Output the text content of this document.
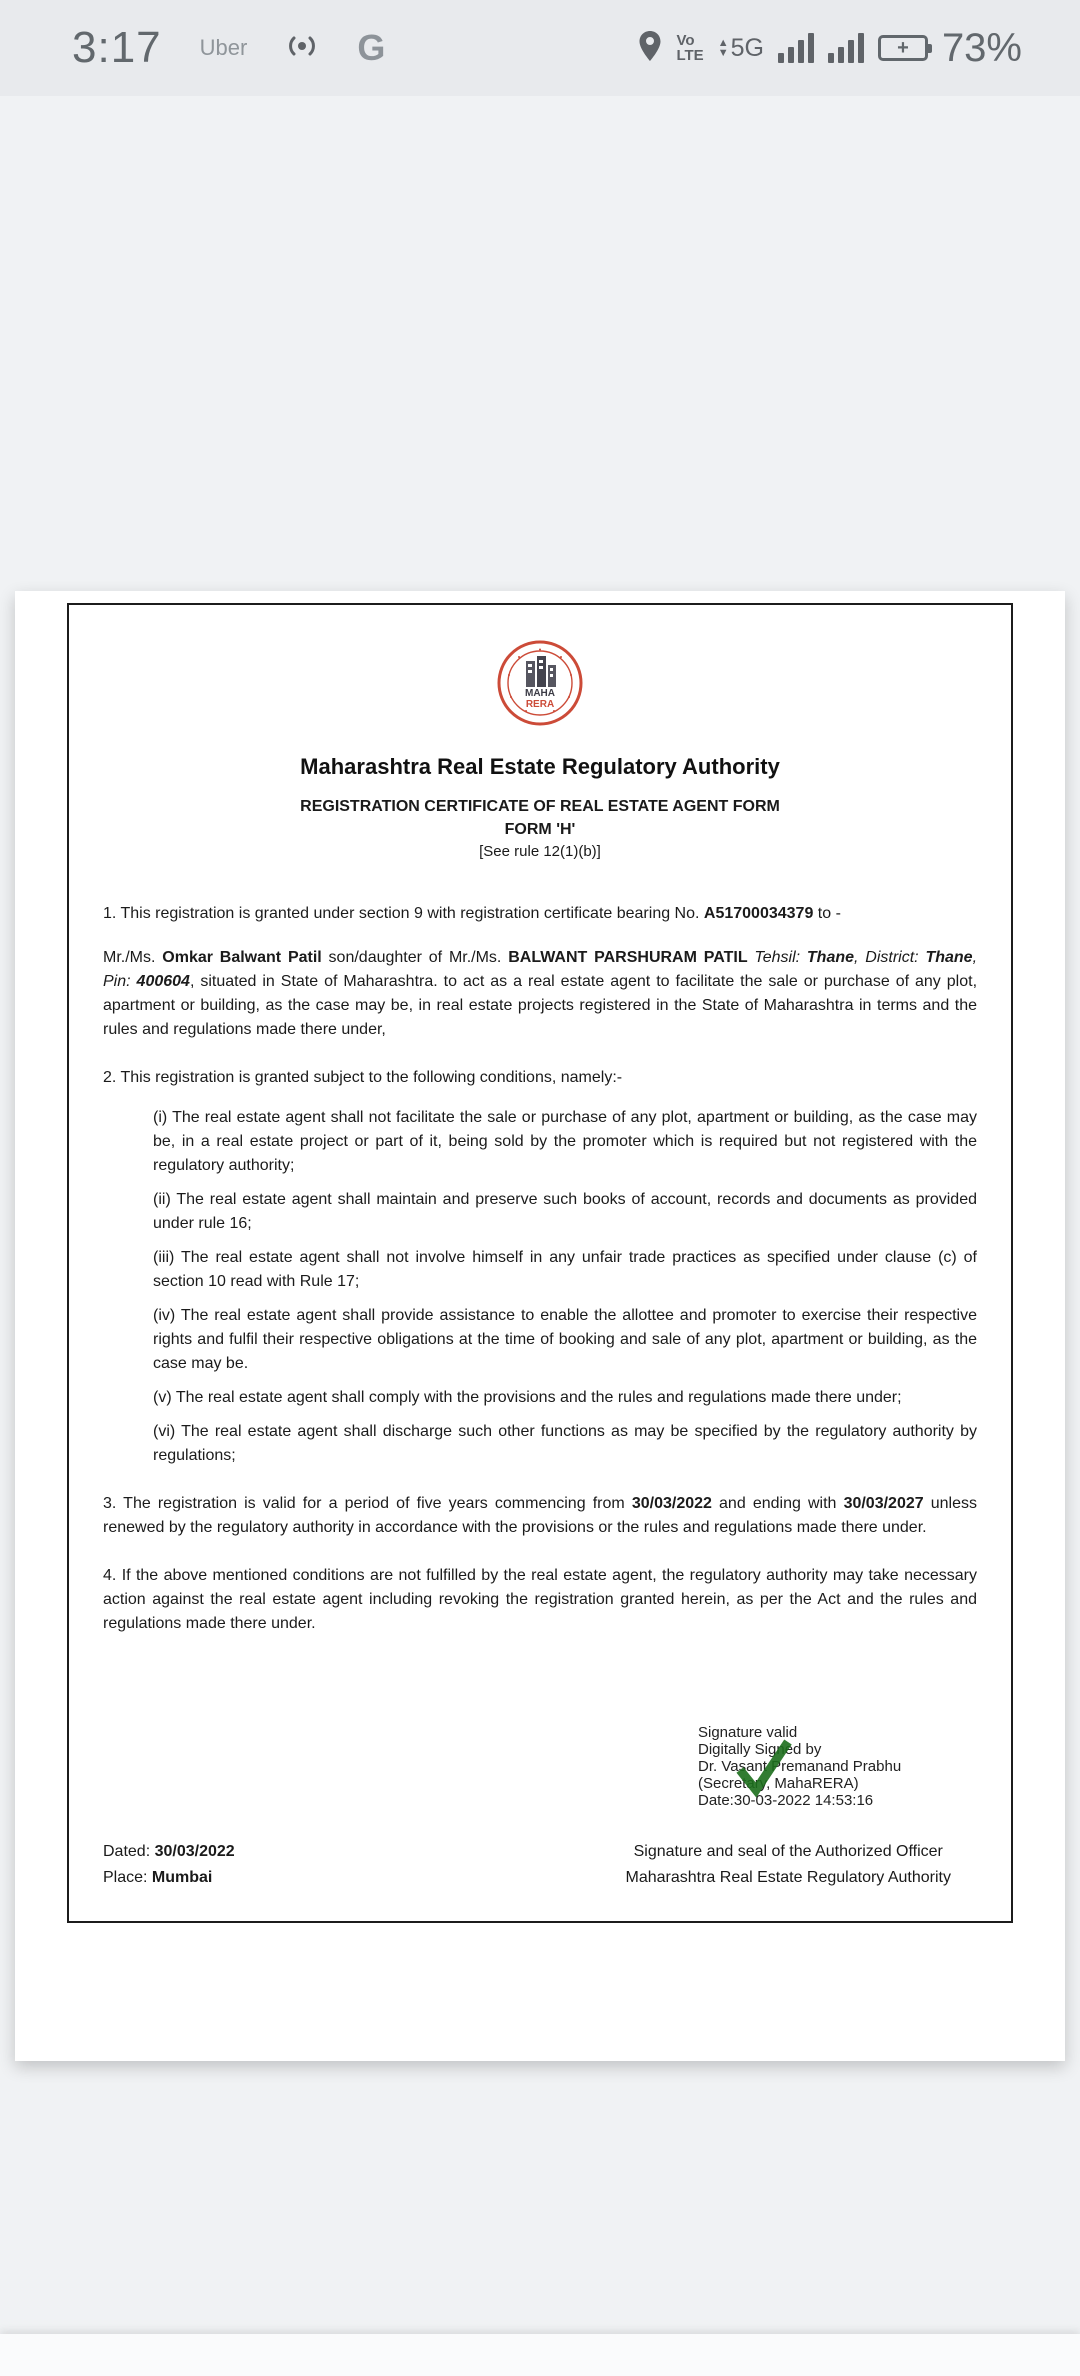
3:17 Uber	G	Vo
LTE
▲
▼ 5G	+ 73%
MAHA
RERA
Maharashtra Real Estate Regulatory Authority
REGISTRATION CERTIFICATE OF REAL ESTATE AGENT FORM
FORM 'H'
[See rule 12(1)(b)]

1. This registration is granted under section 9 with registration certificate bearing No. A51700034379 to -

Mr./Ms. Omkar Balwant Patil son/daughter of Mr./Ms. BALWANT PARSHURAM PATIL Tehsil: Thane, District: Thane, Pin: 400604, situated in State of Maharashtra. to act as a real estate agent to facilitate the sale or purchase of any plot, apartment or building, as the case may be, in real estate projects registered in the State of Maharashtra in terms and the rules and regulations made there under,

2. This registration is granted subject to the following conditions, namely:-

(i) The real estate agent shall not facilitate the sale or purchase of any plot, apartment or building, as the case may be, in a real estate project or part of it, being sold by the promoter which is required but not registered with the regulatory authority;

(ii) The real estate agent shall maintain and preserve such books of account, records and documents as provided under rule 16;

(iii) The real estate agent shall not involve himself in any unfair trade practices as specified under clause (c) of section 10 read with Rule 17;

(iv) The real estate agent shall provide assistance to enable the allottee and promoter to exercise their respective rights and fulfil their respective obligations at the time of booking and sale of any plot, apartment or building, as the case may be.

(v) The real estate agent shall comply with the provisions and the rules and regulations made there under;

(vi) The real estate agent shall discharge such other functions as may be specified by the regulatory authority by regulations;

3. The registration is valid for a period of five years commencing from 30/03/2022 and ending with 30/03/2027 unless renewed by the regulatory authority in accordance with the provisions or the rules and regulations made there under.

4. If the above mentioned conditions are not fulfilled by the real estate agent, the regulatory authority may take necessary action against the real estate agent including revoking the registration granted herein, as per the Act and the rules and regulations made there under.

Signature valid
Digitally Signed by
Dr. Vasant Premanand Prabhu
(Secretary, MahaRERA)
Date:30-03-2022 14:53:16
Dated: 30/03/2022
Place: Mumbai
Signature and seal of the Authorized Officer
Maharashtra Real Estate Regulatory Authority
